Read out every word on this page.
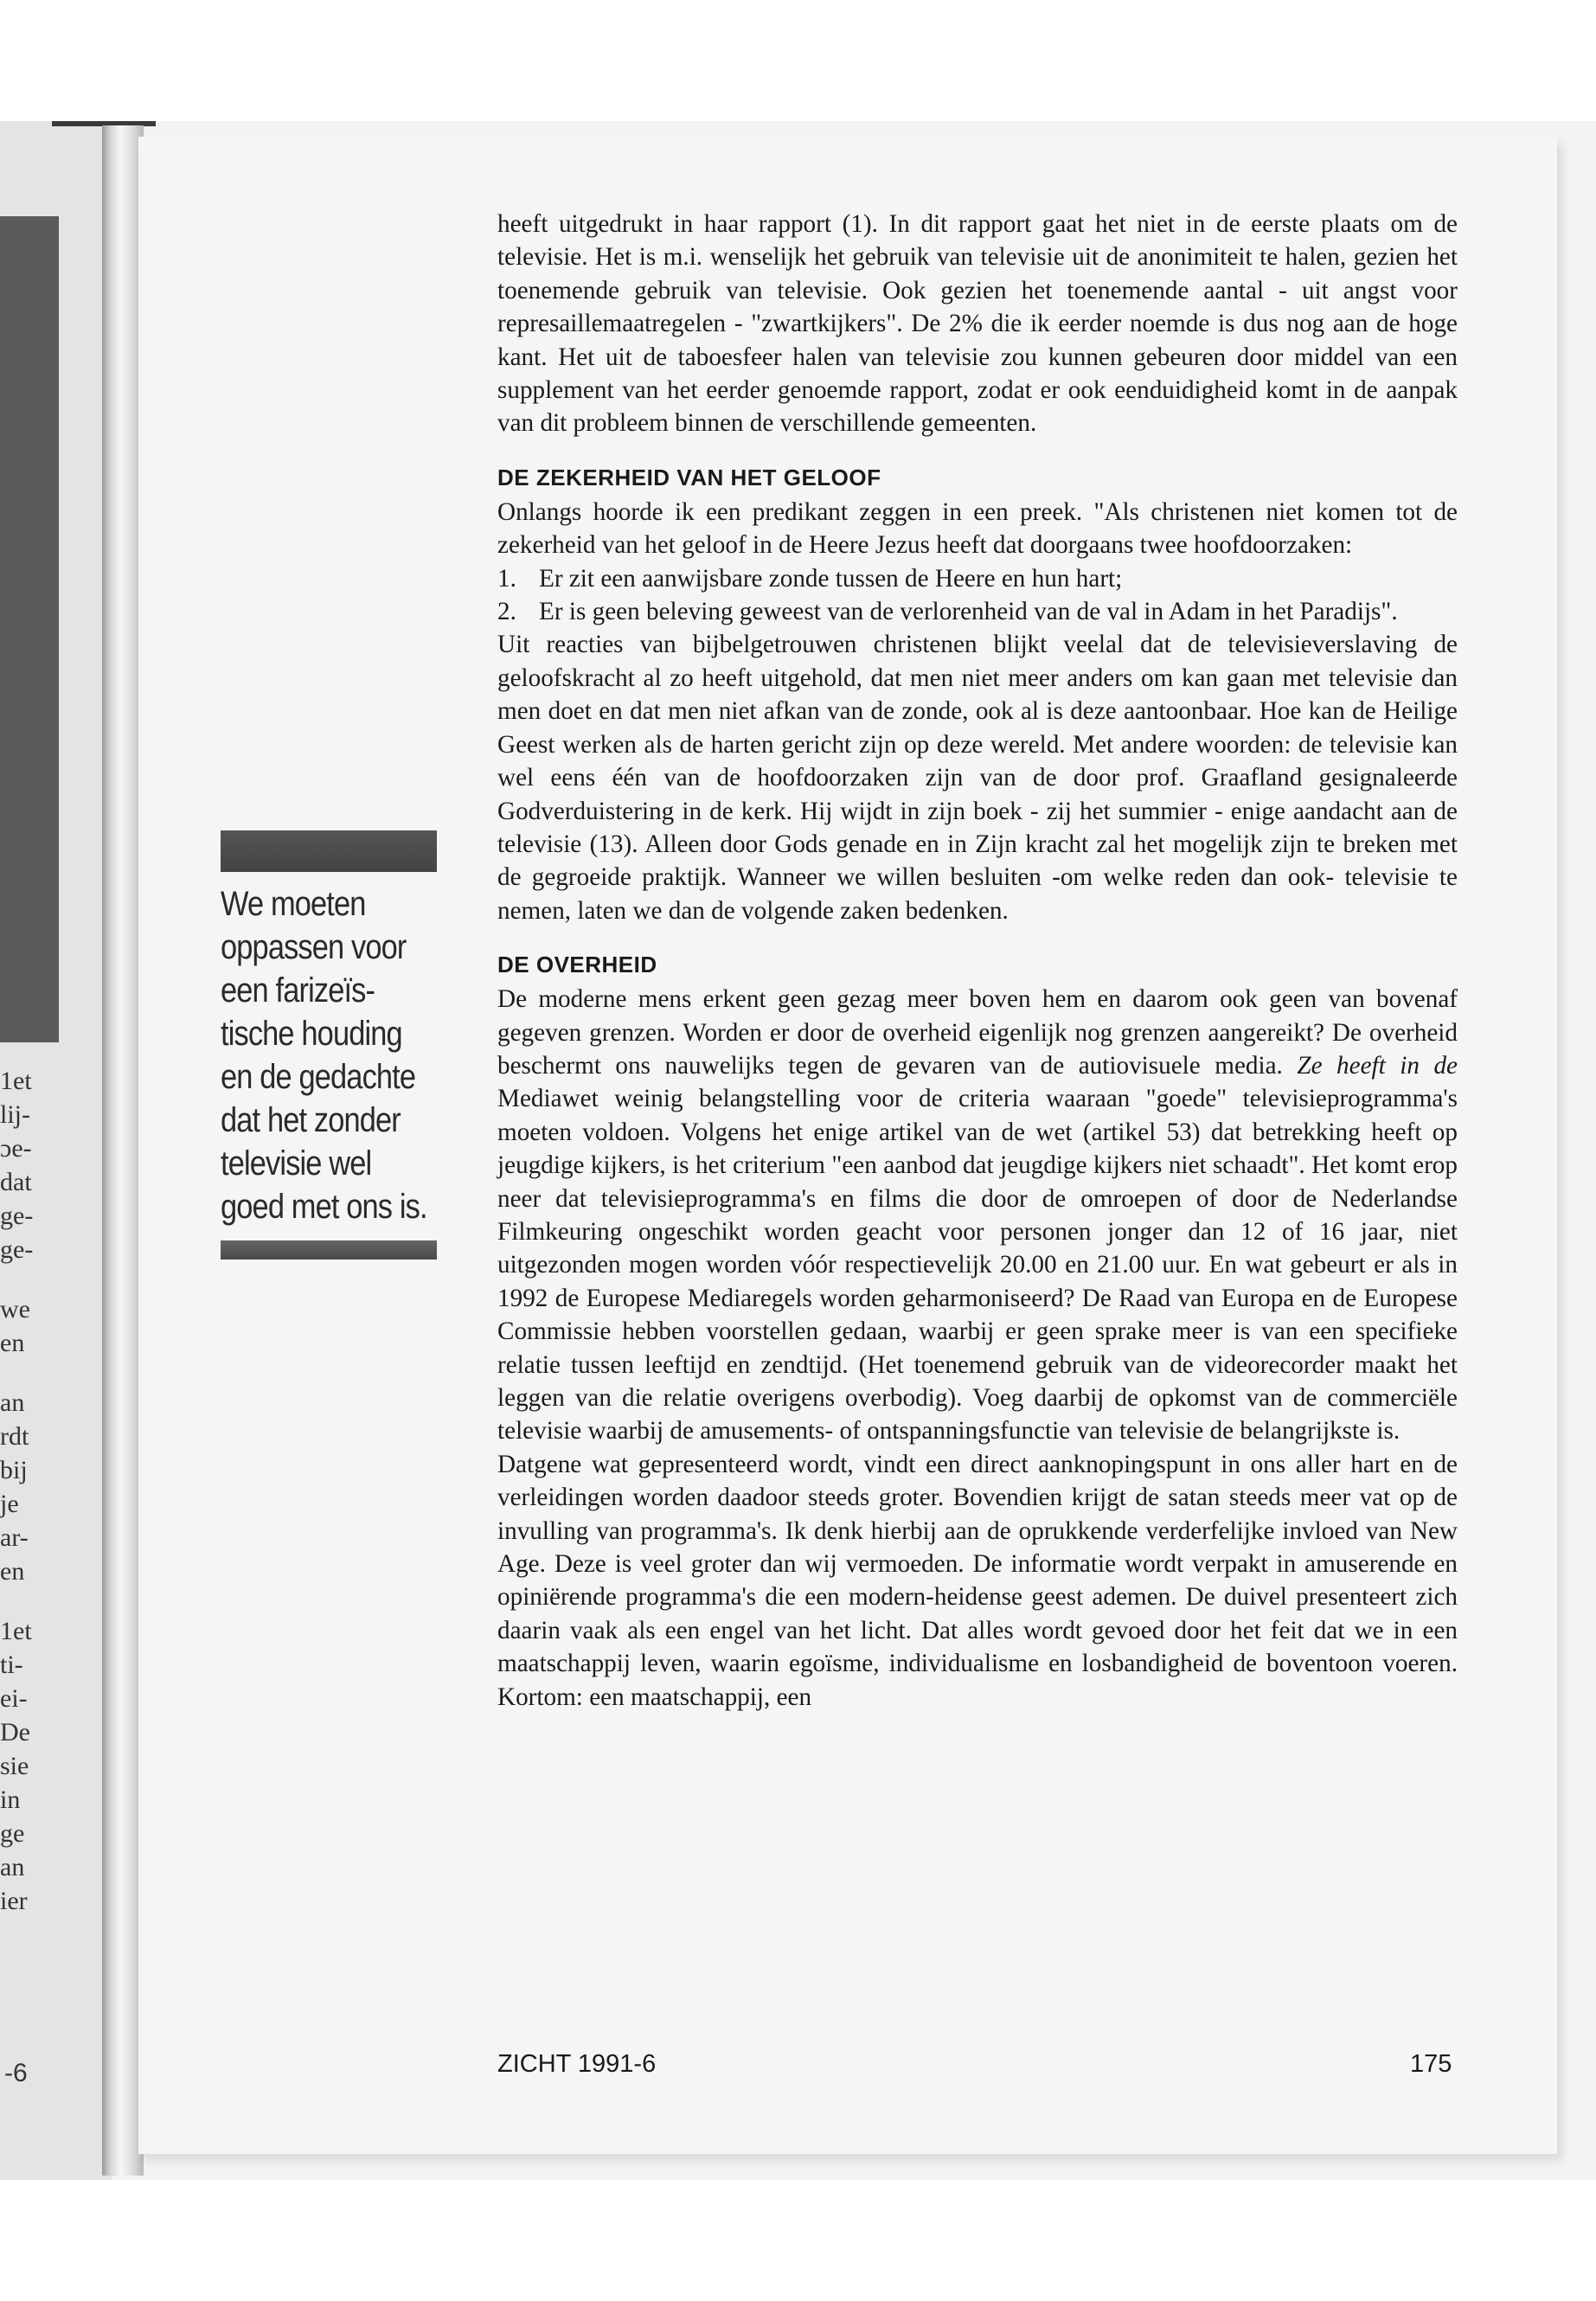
1et
lij-
ɔe-
dat
ge-
ge-
we
en
an
rdt
bij
je
ar-
en
1et
ti-
ei-
De
sie
in
ge
an
ier
-6
We moeten oppassen voor een farizeïs-tische houding en de gedachte dat het zonder televisie wel goed met ons is.

heeft uitgedrukt in haar rapport (1). In dit rapport gaat het niet in de eerste plaats om de televisie. Het is m.i. wenselijk het gebruik van televisie uit de anonimiteit te halen, gezien het toenemende gebruik van televisie. Ook gezien het toenemende aantal - uit angst voor represaillemaatregelen - "zwartkijkers". De 2% die ik eerder noemde is dus nog aan de hoge kant. Het uit de taboesfeer halen van televisie zou kunnen gebeuren door middel van een supplement van het eerder genoemde rapport, zodat er ook eenduidigheid komt in de aanpak van dit probleem binnen de verschillende gemeenten.

DE ZEKERHEID VAN HET GELOOF

Onlangs hoorde ik een predikant zeggen in een preek. "Als christenen niet komen tot de zekerheid van het geloof in de Heere Jezus heeft dat doorgaans twee hoofdoorzaken:

1. Er zit een aanwijsbare zonde tussen de Heere en hun hart;
2. Er is geen beleving geweest van de verlorenheid van de val in Adam in het Paradijs".

Uit reacties van bijbelgetrouwen christenen blijkt veelal dat de televisieverslaving de geloofskracht al zo heeft uitgehold, dat men niet meer anders om kan gaan met televisie dan men doet en dat men niet afkan van de zonde, ook al is deze aantoonbaar. Hoe kan de Heilige Geest werken als de harten gericht zijn op deze wereld. Met andere woorden: de televisie kan wel eens één van de hoofdoorzaken zijn van de door prof. Graafland gesignaleerde Godverduistering in de kerk. Hij wijdt in zijn boek - zij het summier - enige aandacht aan de televisie (13). Alleen door Gods genade en in Zijn kracht zal het mogelijk zijn te breken met de gegroeide praktijk. Wanneer we willen besluiten -om welke reden dan ook- televisie te nemen, laten we dan de volgende zaken bedenken.

DE OVERHEID

De moderne mens erkent geen gezag meer boven hem en daarom ook geen van bovenaf gegeven grenzen. Worden er door de overheid eigenlijk nog grenzen aangereikt? De overheid beschermt ons nauwelijks tegen de gevaren van de autiovisuele media. Ze heeft in de Mediawet weinig belangstelling voor de criteria waaraan "goede" televisieprogramma's moeten voldoen. Volgens het enige artikel van de wet (artikel 53) dat betrekking heeft op jeugdige kijkers, is het criterium "een aanbod dat jeugdige kijkers niet schaadt". Het komt erop neer dat televisieprogramma's en films die door de omroepen of door de Nederlandse Filmkeuring ongeschikt worden geacht voor personen jonger dan 12 of 16 jaar, niet uitgezonden mogen worden vóór respectievelijk 20.00 en 21.00 uur. En wat gebeurt er als in 1992 de Europese Mediaregels worden geharmoniseerd? De Raad van Europa en de Europese Commissie hebben voorstellen gedaan, waarbij er geen sprake meer is van een specifieke relatie tussen leeftijd en zendtijd. (Het toenemend gebruik van de videorecorder maakt het leggen van die relatie overigens overbodig). Voeg daarbij de opkomst van de commerciële televisie waarbij de amusements- of ontspanningsfunctie van televisie de belangrijkste is.

Datgene wat gepresenteerd wordt, vindt een direct aanknopingspunt in ons aller hart en de verleidingen worden daadoor steeds groter. Bovendien krijgt de satan steeds meer vat op de invulling van programma's. Ik denk hierbij aan de oprukkende verderfelijke invloed van New Age. Deze is veel groter dan wij vermoeden. De informatie wordt verpakt in amuserende en opiniërende programma's die een modern-heidense geest ademen. De duivel presenteert zich daarin vaak als een engel van het licht. Dat alles wordt gevoed door het feit dat we in een maatschappij leven, waarin egoïsme, individualisme en losbandigheid de boventoon voeren. Kortom: een maatschappij, een

ZICHT 1991-6	175
